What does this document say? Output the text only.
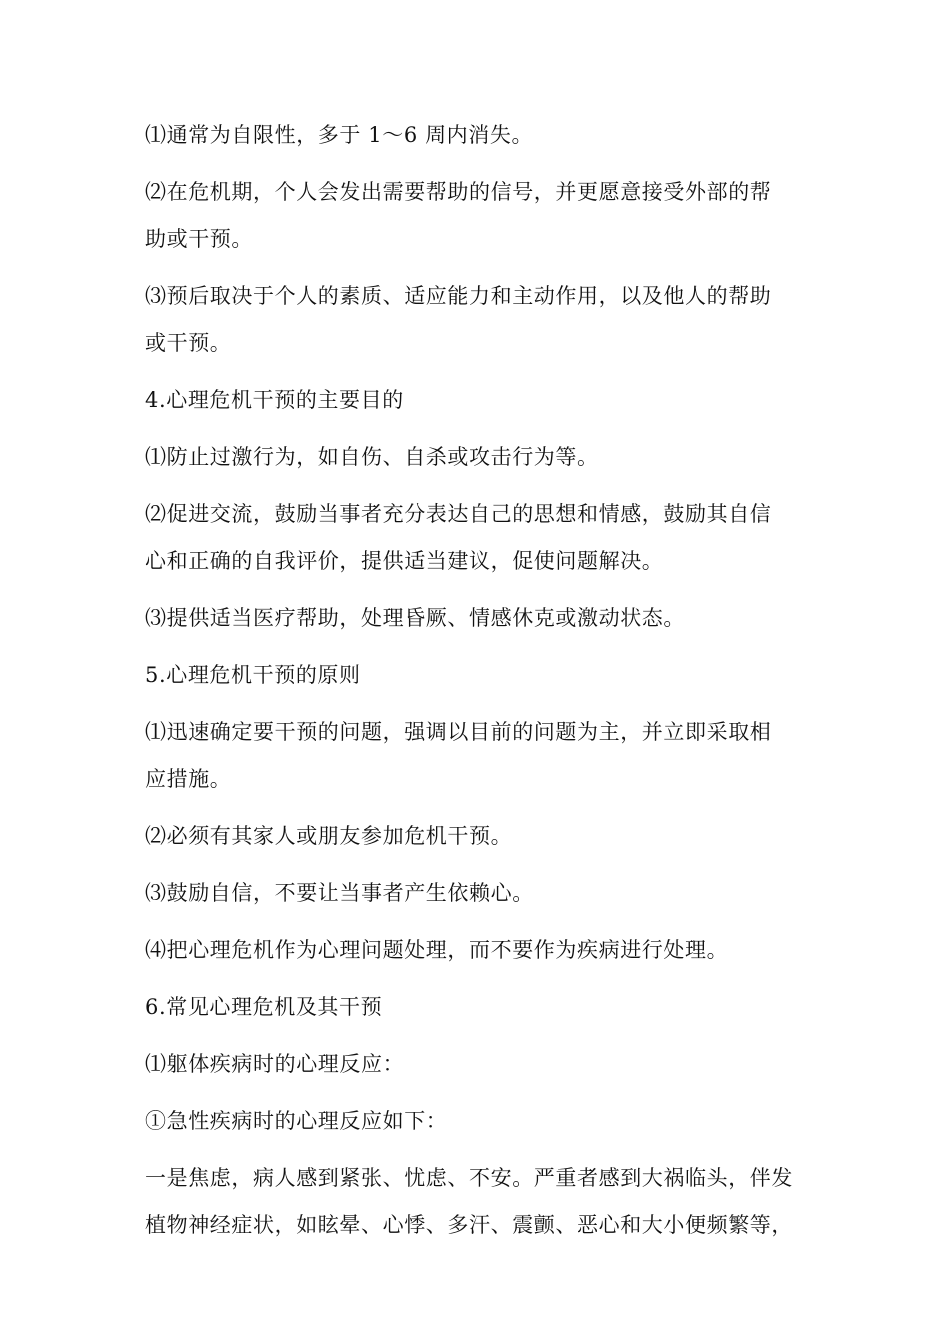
⑴通常为自限性，多于 1～6 周内消失。
⑵在危机期，个人会发出需要帮助的信号，并更愿意接受外部的帮
助或干预。
⑶预后取决于个人的素质、适应能力和主动作用，以及他人的帮助
或干预。
4.心理危机干预的主要目的
⑴防止过激行为，如自伤、自杀或攻击行为等。
⑵促进交流，鼓励当事者充分表达自己的思想和情感，鼓励其自信
心和正确的自我评价，提供适当建议，促使问题解决。
⑶提供适当医疗帮助，处理昏厥、情感休克或激动状态。
5.心理危机干预的原则
⑴迅速确定要干预的问题，强调以目前的问题为主，并立即采取相
应措施。
⑵必须有其家人或朋友参加危机干预。
⑶鼓励自信，不要让当事者产生依赖心。
⑷把心理危机作为心理问题处理，而不要作为疾病进行处理。
6.常见心理危机及其干预
⑴躯体疾病时的心理反应：
①急性疾病时的心理反应如下：
一是焦虑，病人感到紧张、忧虑、不安。严重者感到大祸临头，伴发
植物神经症状，如眩晕、心悸、多汗、震颤、恶心和大小便频繁等，
